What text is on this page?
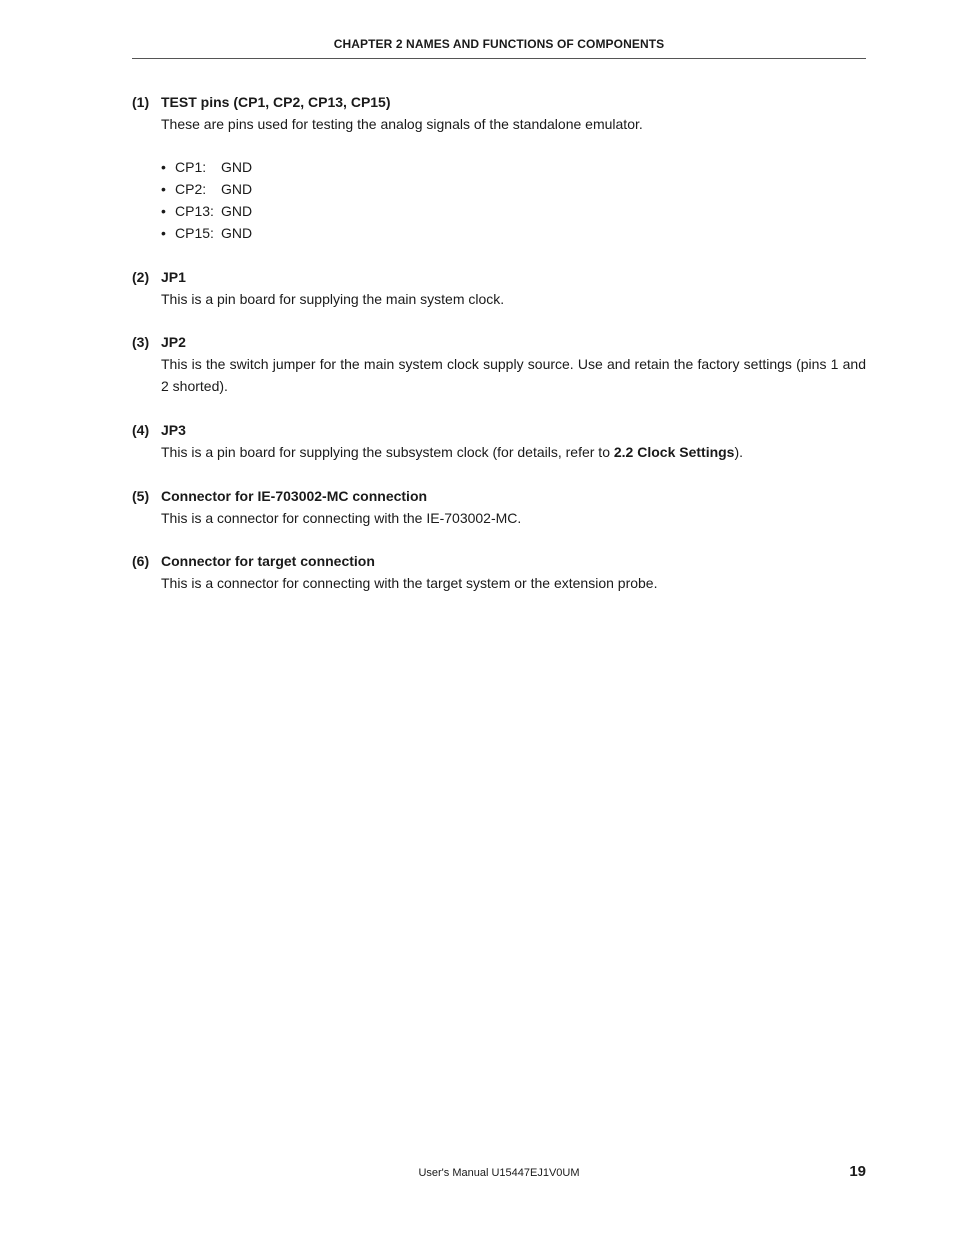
CHAPTER 2 NAMES AND FUNCTIONS OF COMPONENTS
(1) TEST pins (CP1, CP2, CP13, CP15)
These are pins used for testing the analog signals of the standalone emulator.
• CP1: GND
• CP2: GND
• CP13: GND
• CP15: GND
(2) JP1
This is a pin board for supplying the main system clock.
(3) JP2
This is the switch jumper for the main system clock supply source. Use and retain the factory settings (pins 1 and 2 shorted).
(4) JP3
This is a pin board for supplying the subsystem clock (for details, refer to 2.2 Clock Settings).
(5) Connector for IE-703002-MC connection
This is a connector for connecting with the IE-703002-MC.
(6) Connector for target connection
This is a connector for connecting with the target system or the extension probe.
User's Manual U15447EJ1V0UM	19
